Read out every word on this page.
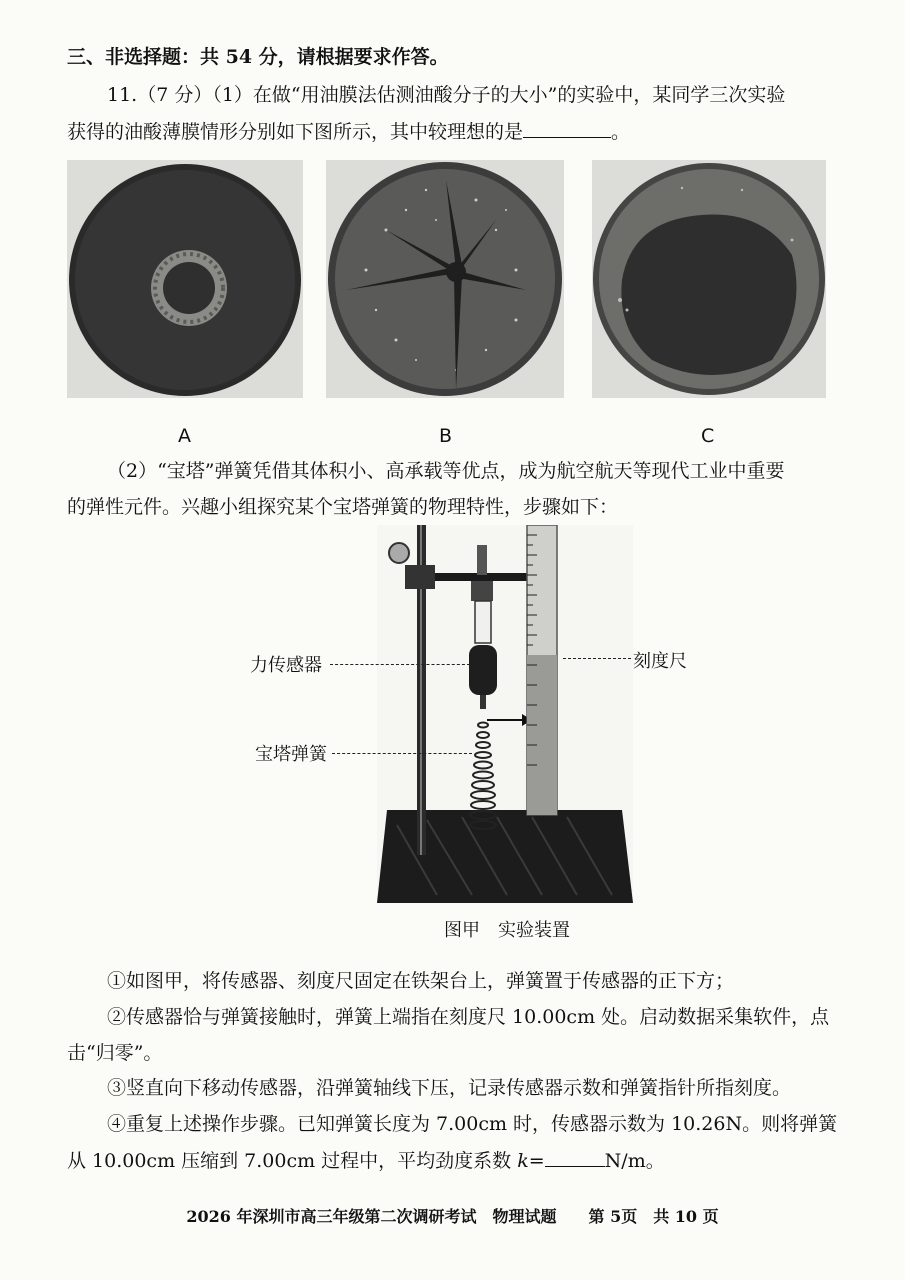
三、非选择题：共 54 分，请根据要求作答。
11.（7 分）（1）在做“用油膜法估测油酸分子的大小”的实验中，某同学三次实验
获得的油酸薄膜情形分别如下图所示，其中较理想的是	。
A	B	C
（2）“宝塔”弹簧凭借其体积小、高承载等优点，成为航空航天等现代工业中重要
的弹性元件。兴趣小组探究某个宝塔弹簧的物理特性，步骤如下：
力传感器
宝塔弹簧
刻度尺
图甲　实验装置
①如图甲，将传感器、刻度尺固定在铁架台上，弹簧置于传感器的正下方；
②传感器恰与弹簧接触时，弹簧上端指在刻度尺 10.00cm 处。启动数据采集软件，点
击“归零”。
③竖直向下移动传感器，沿弹簧轴线下压，记录传感器示数和弹簧指针所指刻度。
④重复上述操作步骤。已知弹簧长度为 7.00cm 时，传感器示数为 10.26N。则将弹簧
从 10.00cm 压缩到 7.00cm 过程中，平均劲度系数 k=	N/m。
2026 年深圳市高三年级第二次调研考试　物理试题　　第 5页　共 10 页
